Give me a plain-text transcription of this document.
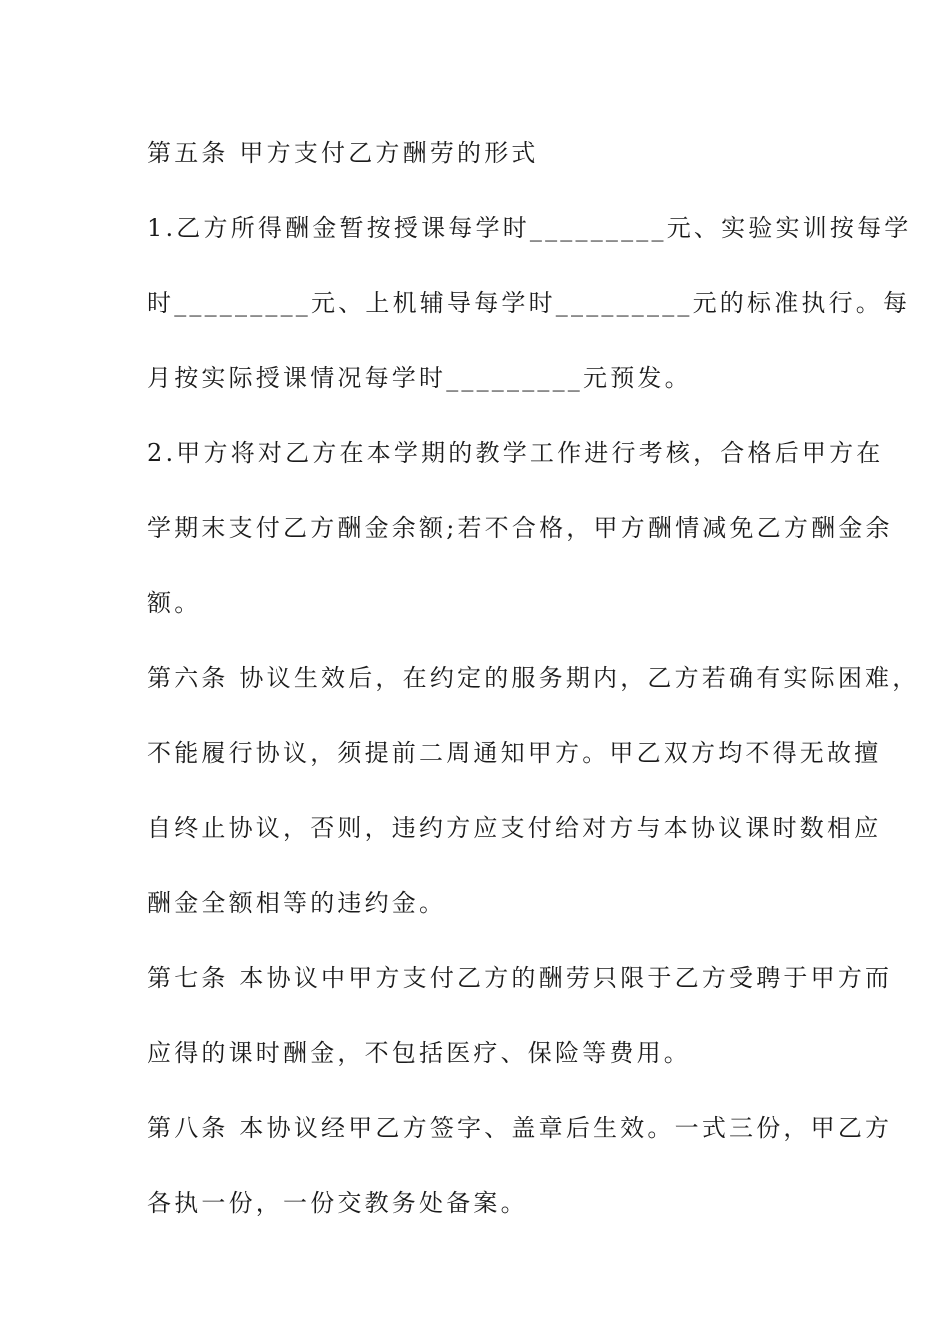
第五条 甲方支付乙方酬劳的形式
1.乙方所得酬金暂按授课每学时_________元、实验实训按每学
时_________元、上机辅导每学时_________元的标准执行。每
月按实际授课情况每学时_________元预发。
2.甲方将对乙方在本学期的教学工作进行考核，合格后甲方在
学期末支付乙方酬金余额;若不合格，甲方酬情减免乙方酬金余
额。
第六条 协议生效后，在约定的服务期内，乙方若确有实际困难，
不能履行协议，须提前二周通知甲方。甲乙双方均不得无故擅
自终止协议，否则，违约方应支付给对方与本协议课时数相应
酬金全额相等的违约金。
第七条 本协议中甲方支付乙方的酬劳只限于乙方受聘于甲方而
应得的课时酬金，不包括医疗、保险等费用。
第八条 本协议经甲乙方签字、盖章后生效。一式三份，甲乙方
各执一份，一份交教务处备案。
